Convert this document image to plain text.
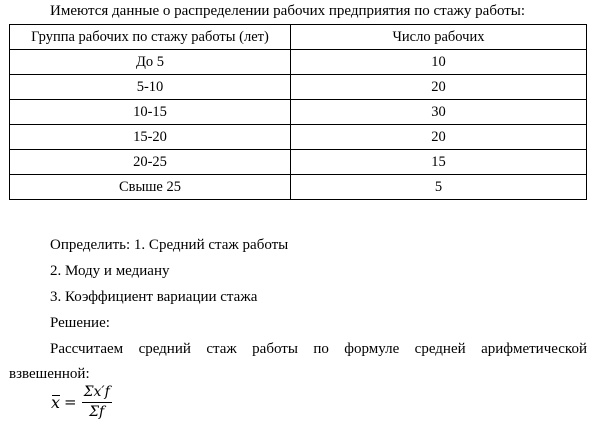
Имеются данные о распределении рабочих предприятия по стажу работы:
Группа рабочих по стажу работы (лет)	Число рабочих
До 5	10
5-10	20
10-15	30
15-20	20
20-25	15
Свыше 25	5
Определить: 1. Средний стаж работы
2. Моду и медиану
3. Коэффициент вариации стажа
Решение:
Рассчитаем средний стаж работы по формуле средней арифметической
взвешенной:
$x = \frac{\Sigma x'f}{\Sigma f}$
